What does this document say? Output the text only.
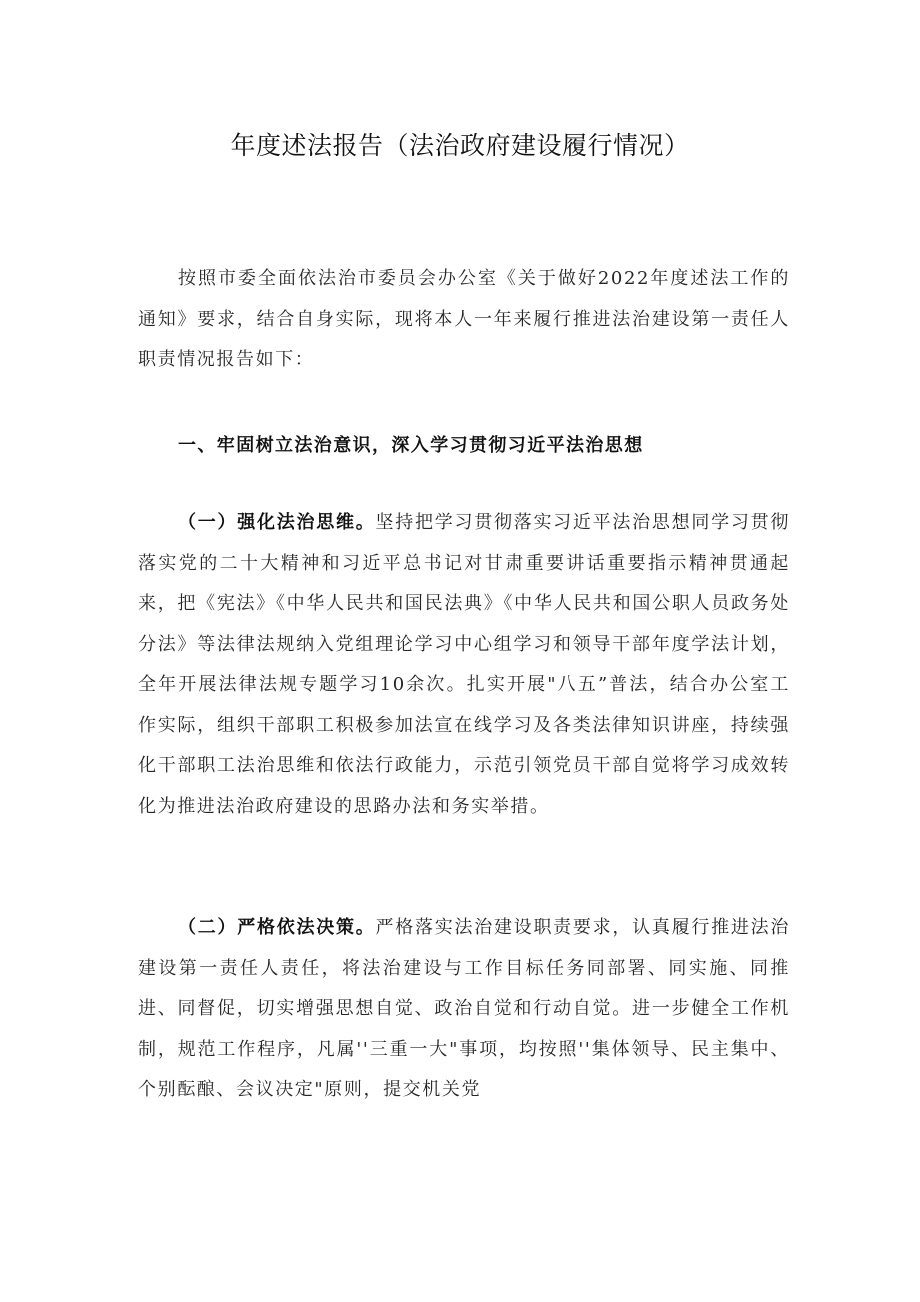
年度述法报告（法治政府建设履行情况）

按照市委全面依法治市委员会办公室《关于做好2022年度述法工作的通知》要求，结合自身实际，现将本人一年来履行推进法治建设第一责任人职责情况报告如下：

一、牢固树立法治意识，深入学习贯彻习近平法治思想

（一）强化法治思维。坚持把学习贯彻落实习近平法治思想同学习贯彻落实党的二十大精神和习近平总书记对甘肃重要讲话重要指示精神贯通起来，把《宪法》《中华人民共和国民法典》《中华人民共和国公职人员政务处分法》等法律法规纳入党组理论学习中心组学习和领导干部年度学法计划，全年开展法律法规专题学习10余次。扎实开展"八五”普法，结合办公室工作实际，组织干部职工积极参加法宣在线学习及各类法律知识讲座，持续强化干部职工法治思维和依法行政能力，示范引领党员干部自觉将学习成效转化为推进法治政府建设的思路办法和务实举措。

（二）严格依法决策。严格落实法治建设职责要求，认真履行推进法治建设第一责任人责任，将法治建设与工作目标任务同部署、同实施、同推进、同督促，切实增强思想自觉、政治自觉和行动自觉。进一步健全工作机制，规范工作程序，凡属''三重一大"事项，均按照''集体领导、民主集中、个别酝酿、会议决定"原则，提交机关党
